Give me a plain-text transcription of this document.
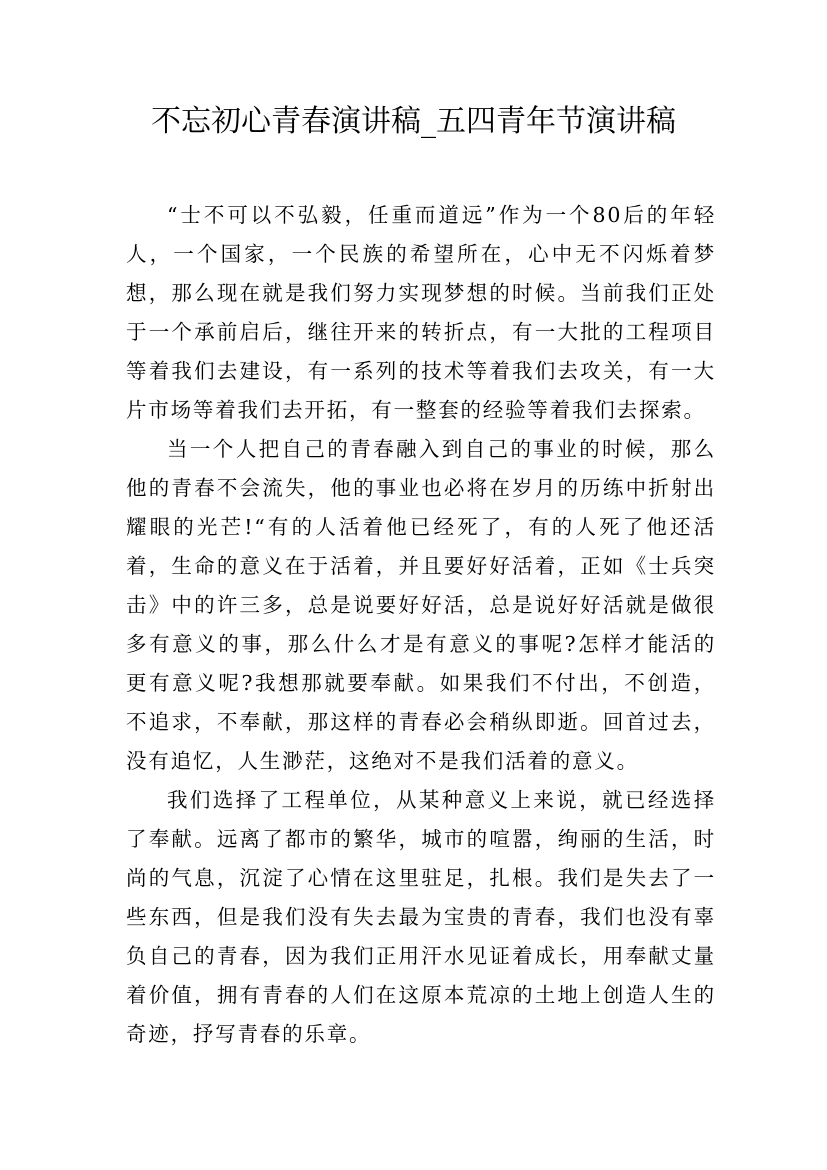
不忘初心青春演讲稿_五四青年节演讲稿

“士不可以不弘毅，任重而道远”作为一个80后的年轻人，一个国家，一个民族的希望所在，心中无不闪烁着梦想，那么现在就是我们努力实现梦想的时候。当前我们正处于一个承前启后，继往开来的转折点，有一大批的工程项目等着我们去建设，有一系列的技术等着我们去攻关，有一大片市场等着我们去开拓，有一整套的经验等着我们去探索。

当一个人把自己的青春融入到自己的事业的时候，那么他的青春不会流失，他的事业也必将在岁月的历练中折射出耀眼的光芒!“有的人活着他已经死了，有的人死了他还活着，生命的意义在于活着，并且要好好活着，正如《士兵突击》中的许三多，总是说要好好活，总是说好好活就是做很多有意义的事，那么什么才是有意义的事呢?怎样才能活的更有意义呢?我想那就要奉献。如果我们不付出，不创造，不追求，不奉献，那这样的青春必会稍纵即逝。回首过去，没有追忆，人生渺茫，这绝对不是我们活着的意义。

我们选择了工程单位，从某种意义上来说，就已经选择了奉献。远离了都市的繁华，城市的喧嚣，绚丽的生活，时尚的气息，沉淀了心情在这里驻足，扎根。我们是失去了一些东西，但是我们没有失去最为宝贵的青春，我们也没有辜负自己的青春，因为我们正用汗水见证着成长，用奉献丈量着价值，拥有青春的人们在这原本荒凉的土地上创造人生的奇迹，抒写青春的乐章。
